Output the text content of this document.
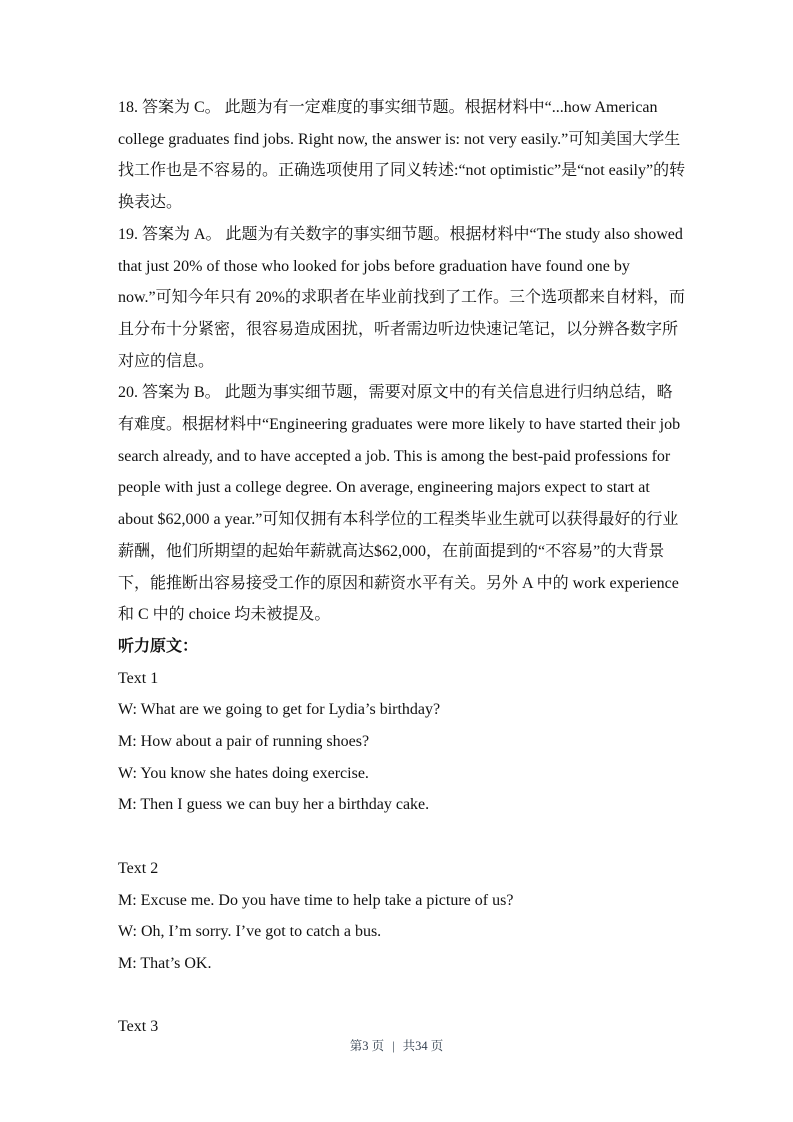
18. 答案为 C。 此题为有一定难度的事实细节题。根据材料中“...how American college graduates find jobs. Right now, the answer is: not very easily.”可知美国大学生找工作也是不容易的。正确选项使用了同义转述:“not optimistic”是“not easily”的转换表达。

19. 答案为 A。 此题为有关数字的事实细节题。根据材料中“The study also showed that just 20% of those who looked for jobs before graduation have found one by now.”可知今年只有 20%的求职者在毕业前找到了工作。三个选项都来自材料，而且分布十分紧密，很容易造成困扰，听者需边听边快速记笔记，以分辨各数字所对应的信息。

20. 答案为 B。 此题为事实细节题，需要对原文中的有关信息进行归纳总结，略有难度。根据材料中“Engineering graduates were more likely to have started their job search already, and to have accepted a job. This is among the best-paid professions for people with just a college degree. On average, engineering majors expect to start at about $62,000 a year.”可知仅拥有本科学位的工程类毕业生就可以获得最好的行业薪酬，他们所期望的起始年薪就高达$62,000，在前面提到的“不容易”的大背景下，能推断出容易接受工作的原因和薪资水平有关。另外 A 中的 work experience 和 C 中的 choice 均未被提及。

听力原文：

Text 1

W: What are we going to get for Lydia’s birthday?

M: How about a pair of running shoes?

W: You know she hates doing exercise.

M: Then I guess we can buy her a birthday cake.

Text 2

M: Excuse me. Do you have time to help take a picture of us?

W: Oh, I’m sorry. I’ve got to catch a bus.

M: That’s OK.

Text 3

第3 页 | 共34 页
